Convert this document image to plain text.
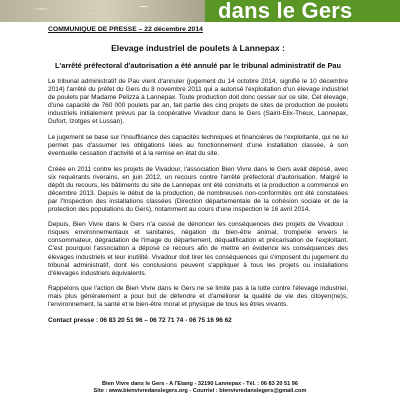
dans le Gers
COMMUNIQUE DE PRESSE – 22 décembre 2014
Elevage industriel de poulets à Lannepax :
L'arrêté préfectoral d'autorisation a été annulé par le tribunal administratif de Pau

Le tribunal administratif de Pau vient d'annuler (jugement du 14 octobre 2014, signifié le 10 décembre 2014) l'arrêté du préfet du Gers du 8 novembre 2011 qui a autorisé l'exploitation d'un élevage industriel de poulets par Madame Pelizza à Lannepax. Toute production doit donc cesser sur ce site. Cet élevage, d'une capacité de 760 000 poulets par an, fait partie des cinq projets de sites de production de poulets industriels initialement prévus par la coopérative Vivadour dans le Gers (Saint-Elix-Theux, Lannepax, Dufort, Izotges et Lussan).

Le jugement se base sur l'insuffisance des capacités techniques et financières de l'exploitante, qui ne lui permet pas d'assumer les obligations liées au fonctionnement d'une installation classée, à son éventuelle cessation d'activité et à la remise en état du site.

Créée en 2011 contre les projets de Vivadour, l'association Bien Vivre dans le Gers avait déposé, avec six requérants riverains, en juin 2012, un recours contre l'arrêté préfectoral d'autorisation. Malgré le dépôt du recours, les bâtiments du site de Lannepax ont été construits et la production a commencé en décembre 2013. Depuis le début de la production, de nombreuses non-conformités ont été constatées par l'Inspection des installations classées (Direction départementale de la cohésion sociale et de la protection des populations du Gers), notamment au cours d'une inspection le 16 avril 2014.

Depuis, Bien Vivre dans le Gers n'a cessé de dénoncer les conséquences des projets de Vivadour : risques environnementaux et sanitaires, négation du bien-être animal, tromperie envers le consommateur, dégradation de l'image du département, déqualification et précarisation de l'exploitant. C'est pourquoi l'association a déposé ce recours afin de mettre en évidence les conséquences des élevages industriels et leur inutilité. Vivadour doit tirer les conséquences qui s'imposent du jugement du tribunal administratif, dont les conclusions peuvent s'appliquer à tous les projets ou installations d'élevages industriels équivalents.

Rappelons que l'action de Bien Vivre dans le Gers ne se limite pas à la lutte contre l'élevage industriel, mais plus généralement a pour but de défendre et d'améliorer la qualité de vie des citoyen(ne)s, l'environnement, la santé et le bien-être moral et physique de tous les êtres vivants.

Contact presse : 06 83 20 51 96 – 06 72 71 74 - 06 75 16 96 62
Bien Vivre dans le Gers - A l'Etang - 32190 Lannepax - Tél. : 06 83 20 51 96
Site : www.bienvivredanslegers.org - Courriel : bienvivredanslegers@gmail.com
